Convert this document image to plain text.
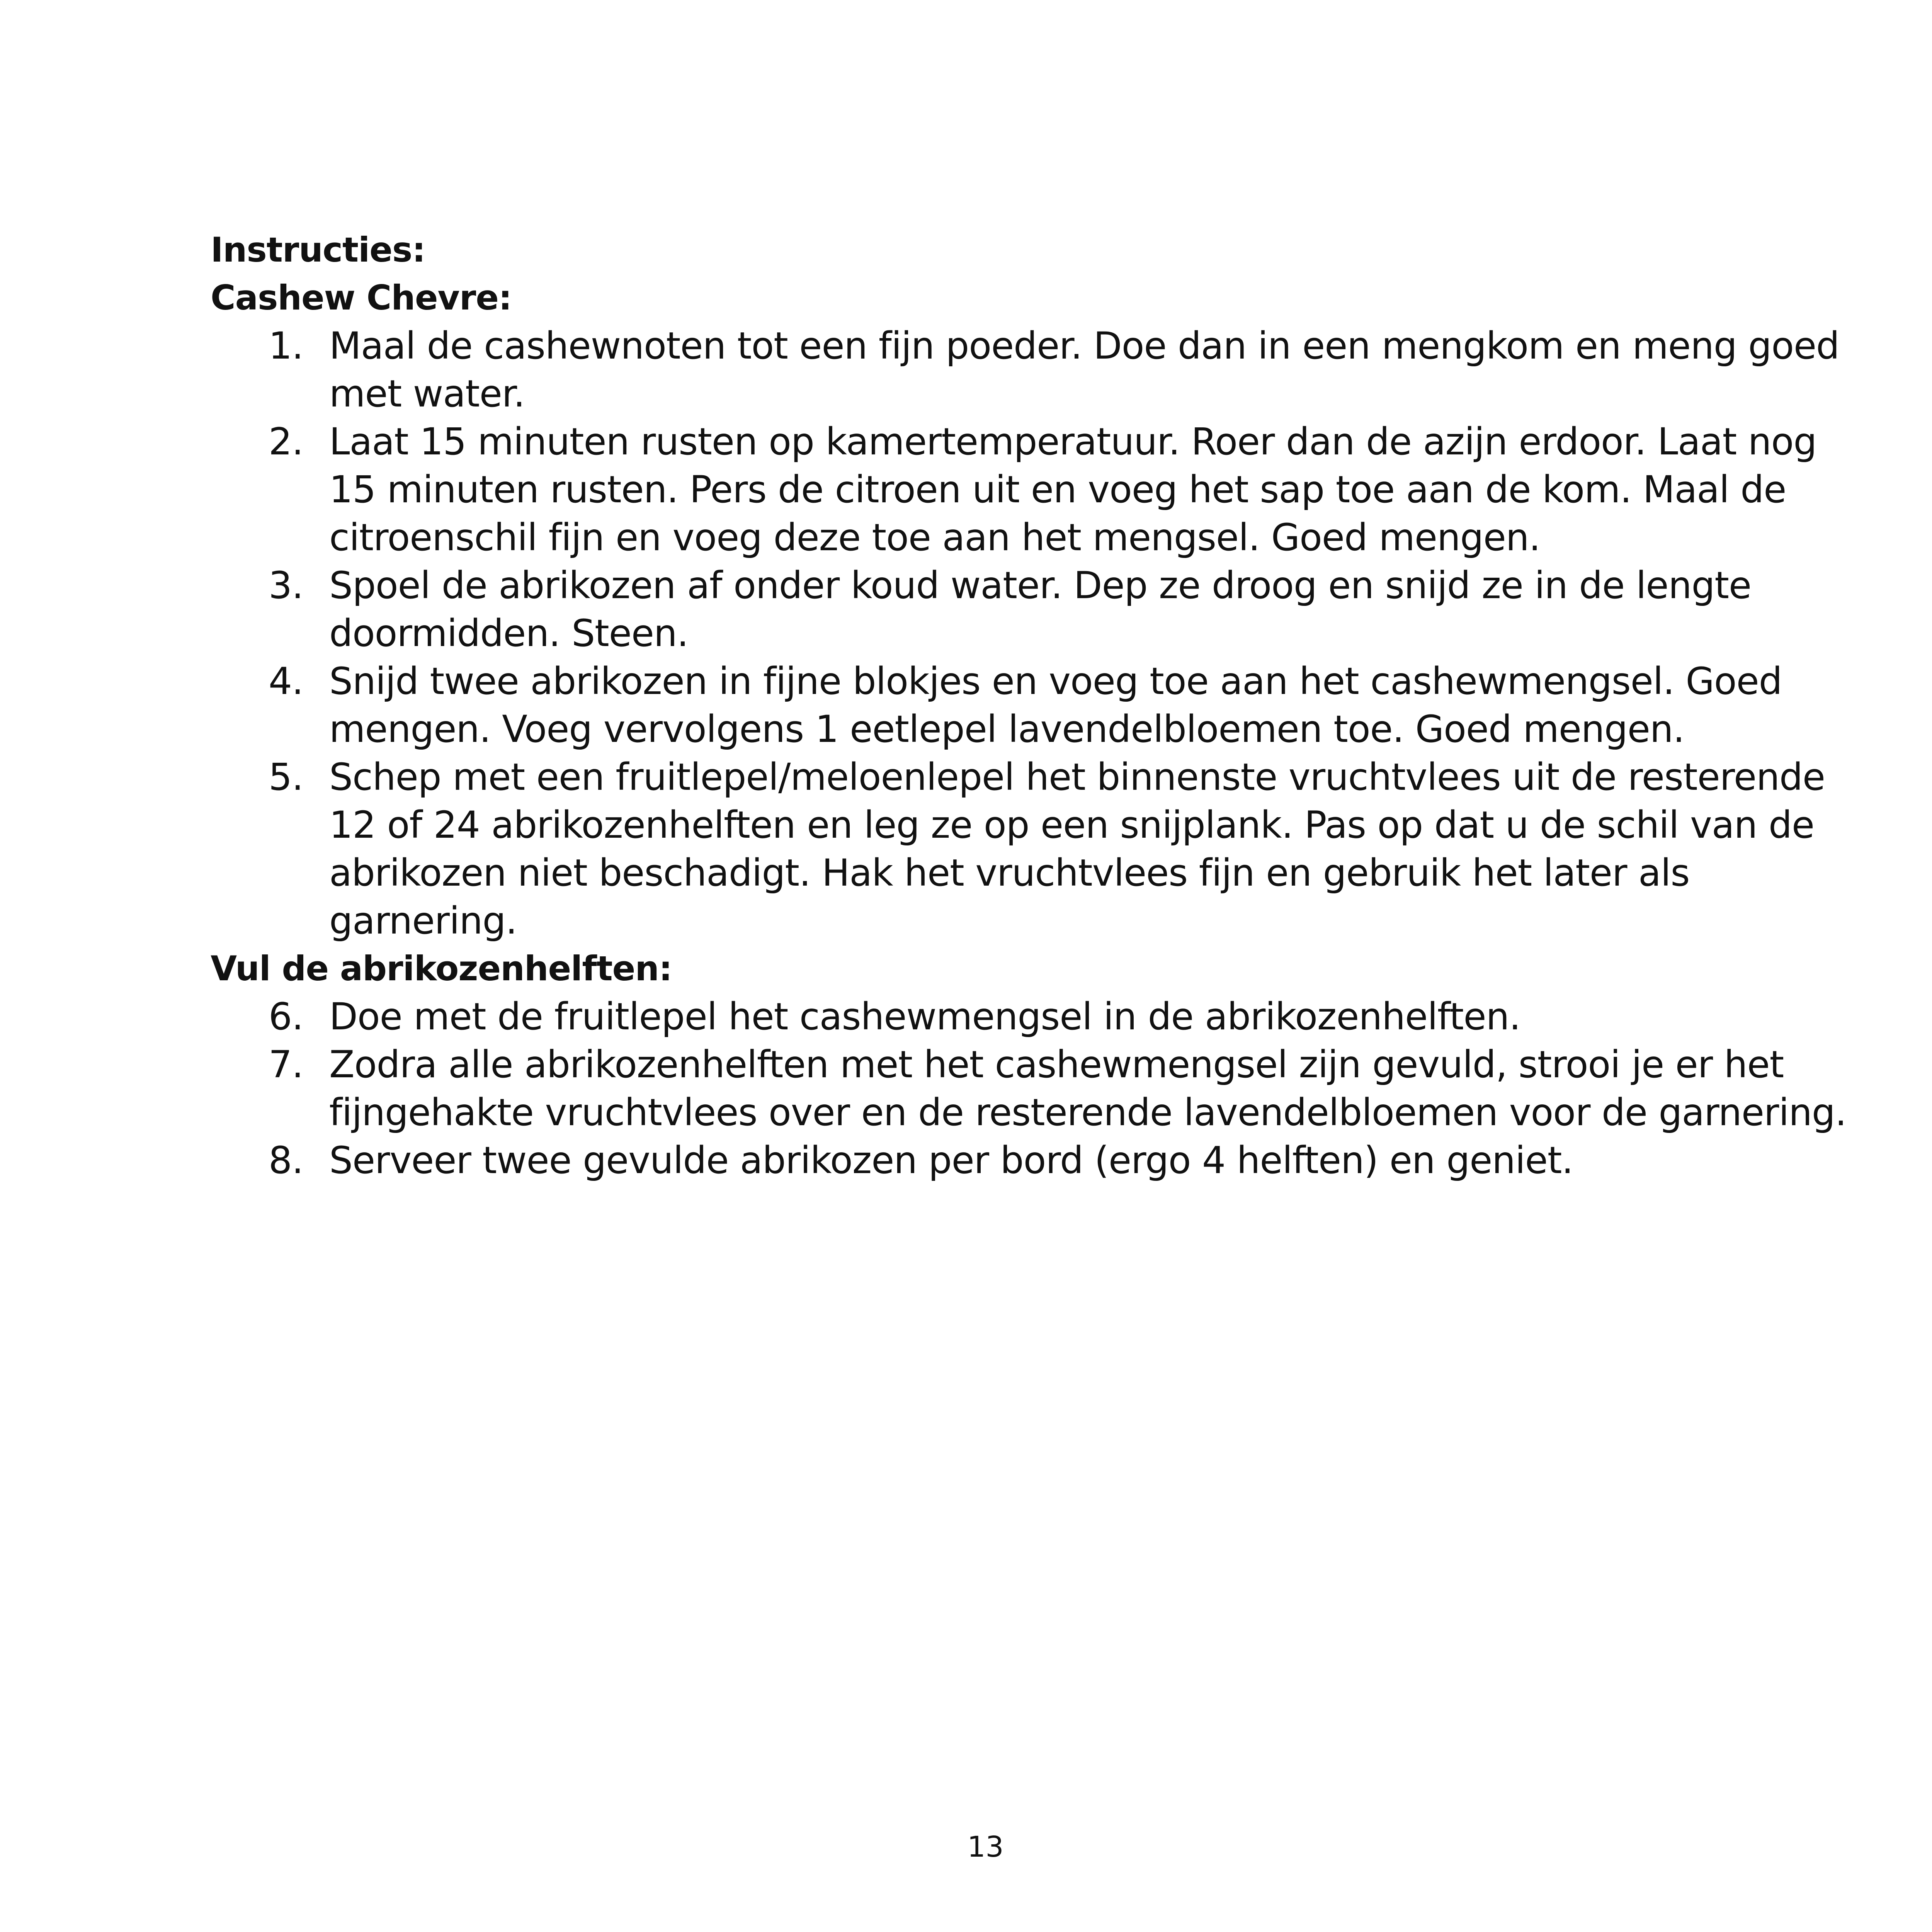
Instructies:

Cashew Chevre:

1. Maal de cashewnoten tot een fijn poeder. Doe dan in een mengkom en meng goed met water.
2. Laat 15 minuten rusten op kamertemperatuur. Roer dan de azijn erdoor. Laat nog 15 minuten rusten. Pers de citroen uit en voeg het sap toe aan de kom. Maal de citroenschil fijn en voeg deze toe aan het mengsel. Goed mengen.
3. Spoel de abrikozen af onder koud water. Dep ze droog en snijd ze in de lengte doormidden. Steen.
4. Snijd twee abrikozen in fijne blokjes en voeg toe aan het cashewmengsel. Goed mengen. Voeg vervolgens 1 eetlepel lavendelbloemen toe. Goed mengen.
5. Schep met een fruitlepel/meloenlepel het binnenste vruchtvlees uit de resterende 12 of 24 abrikozenhelften en leg ze op een snijplank. Pas op dat u de schil van de abrikozen niet beschadigt. Hak het vruchtvlees fijn en gebruik het later als garnering.

Vul de abrikozenhelften:

6. Doe met de fruitlepel het cashewmengsel in de abrikozenhelften.
7. Zodra alle abrikozenhelften met het cashewmengsel zijn gevuld, strooi je er het fijngehakte vruchtvlees over en de resterende lavendelbloemen voor de garnering.
8. Serveer twee gevulde abrikozen per bord (ergo 4 helften) en geniet.
13
